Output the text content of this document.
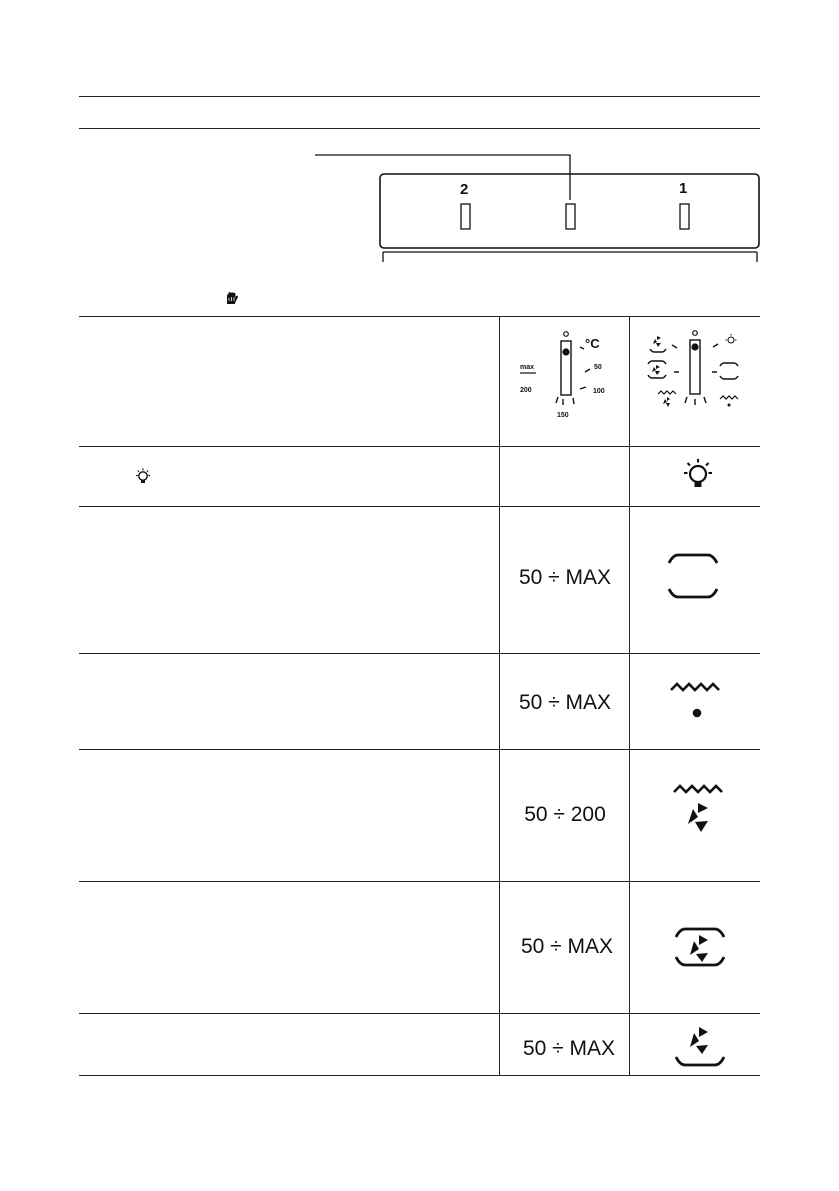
2	1
°C
max	50
100
150
200
50 ÷ MAX
50 ÷ MAX
50 ÷ 200
50 ÷ MAX
50 ÷ MAX
